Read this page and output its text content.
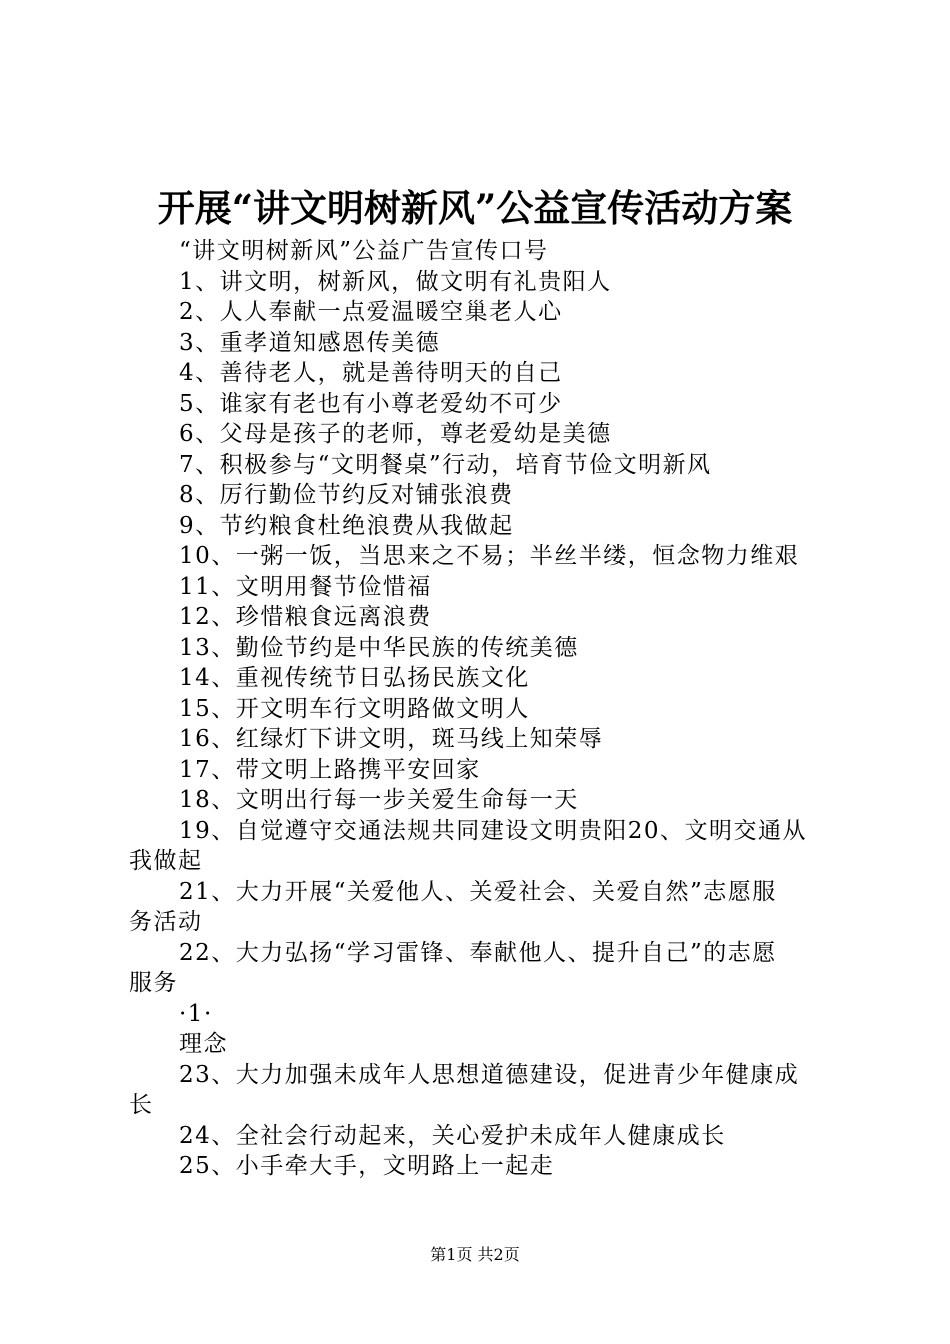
开展“讲文明树新风”公益宣传活动方案
“讲文明树新风”公益广告宣传口号
1、讲文明，树新风，做文明有礼贵阳人
2、人人奉献一点爱温暖空巢老人心
3、重孝道知感恩传美德
4、善待老人，就是善待明天的自己
5、谁家有老也有小尊老爱幼不可少
6、父母是孩子的老师，尊老爱幼是美德
7、积极参与“文明餐桌”行动，培育节俭文明新风
8、厉行勤俭节约反对铺张浪费
9、节约粮食杜绝浪费从我做起
10、一粥一饭，当思来之不易；半丝半缕，恒念物力维艰
11、文明用餐节俭惜福
12、珍惜粮食远离浪费
13、勤俭节约是中华民族的传统美德
14、重视传统节日弘扬民族文化
15、开文明车行文明路做文明人
16、红绿灯下讲文明，斑马线上知荣辱
17、带文明上路携平安回家
18、文明出行每一步关爱生命每一天
19、自觉遵守交通法规共同建设文明贵阳20、文明交通从
我做起
21、大力开展“关爱他人、关爱社会、关爱自然”志愿服
务活动
22、大力弘扬“学习雷锋、奉献他人、提升自己”的志愿
服务
·1·
理念
23、大力加强未成年人思想道德建设，促进青少年健康成
长
24、全社会行动起来，关心爱护未成年人健康成长
25、小手牵大手，文明路上一起走
第1页 共2页
